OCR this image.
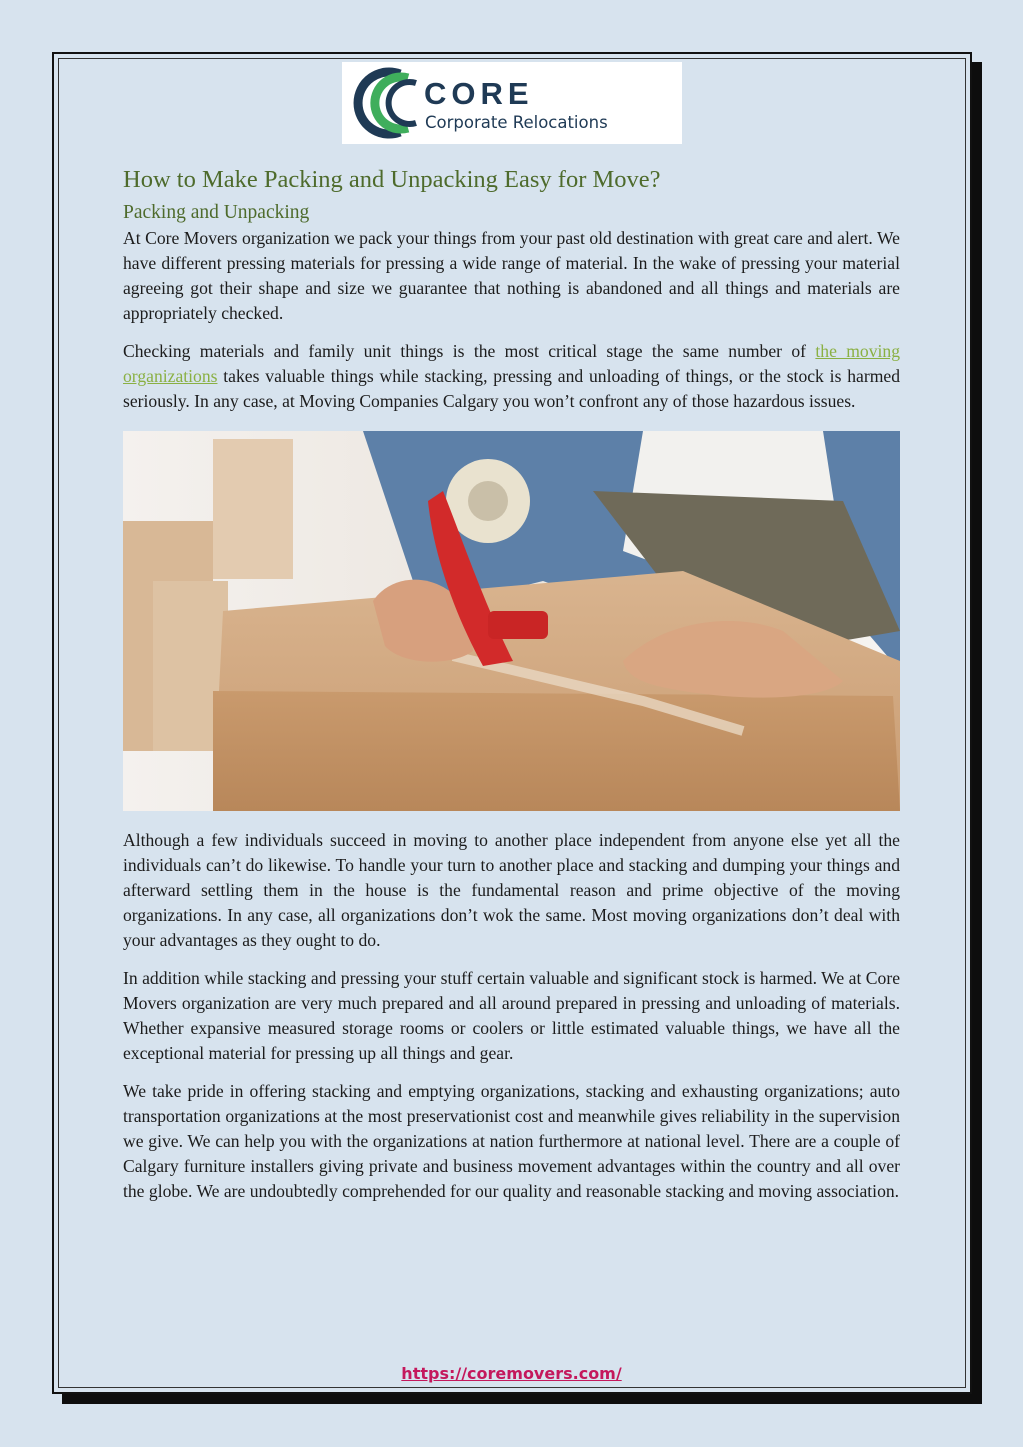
CORE
Corporate Relocations
How to Make Packing and Unpacking Easy for Move?
Packing and Unpacking

At Core Movers organization we pack your things from your past old destination with great care and alert. We have different pressing materials for pressing a wide range of material. In the wake of pressing your material agreeing got their shape and size we guarantee that nothing is abandoned and all things and materials are appropriately checked.

Checking materials and family unit things is the most critical stage the same number of the moving organizations takes valuable things while stacking, pressing and unloading of things, or the stock is harmed seriously. In any case, at Moving Companies Calgary you won’t confront any of those hazardous issues.

Although a few individuals succeed in moving to another place independent from anyone else yet all the individuals can’t do likewise. To handle your turn to another place and stacking and dumping your things and afterward settling them in the house is the fundamental reason and prime objective of the moving organizations. In any case, all organizations don’t wok the same. Most moving organizations don’t deal with your advantages as they ought to do.

In addition while stacking and pressing your stuff certain valuable and significant stock is harmed. We at Core Movers organization are very much prepared and all around prepared in pressing and unloading of materials. Whether expansive measured storage rooms or coolers or little estimated valuable things, we have all the exceptional material for pressing up all things and gear.

We take pride in offering stacking and emptying organizations, stacking and exhausting organizations; auto transportation organizations at the most preservationist cost and meanwhile gives reliability in the supervision we give. We can help you with the organizations at nation furthermore at national level. There are a couple of Calgary furniture installers giving private and business movement advantages within the country and all over the globe. We are undoubtedly comprehended for our quality and reasonable stacking and moving association.

https://coremovers.com/
